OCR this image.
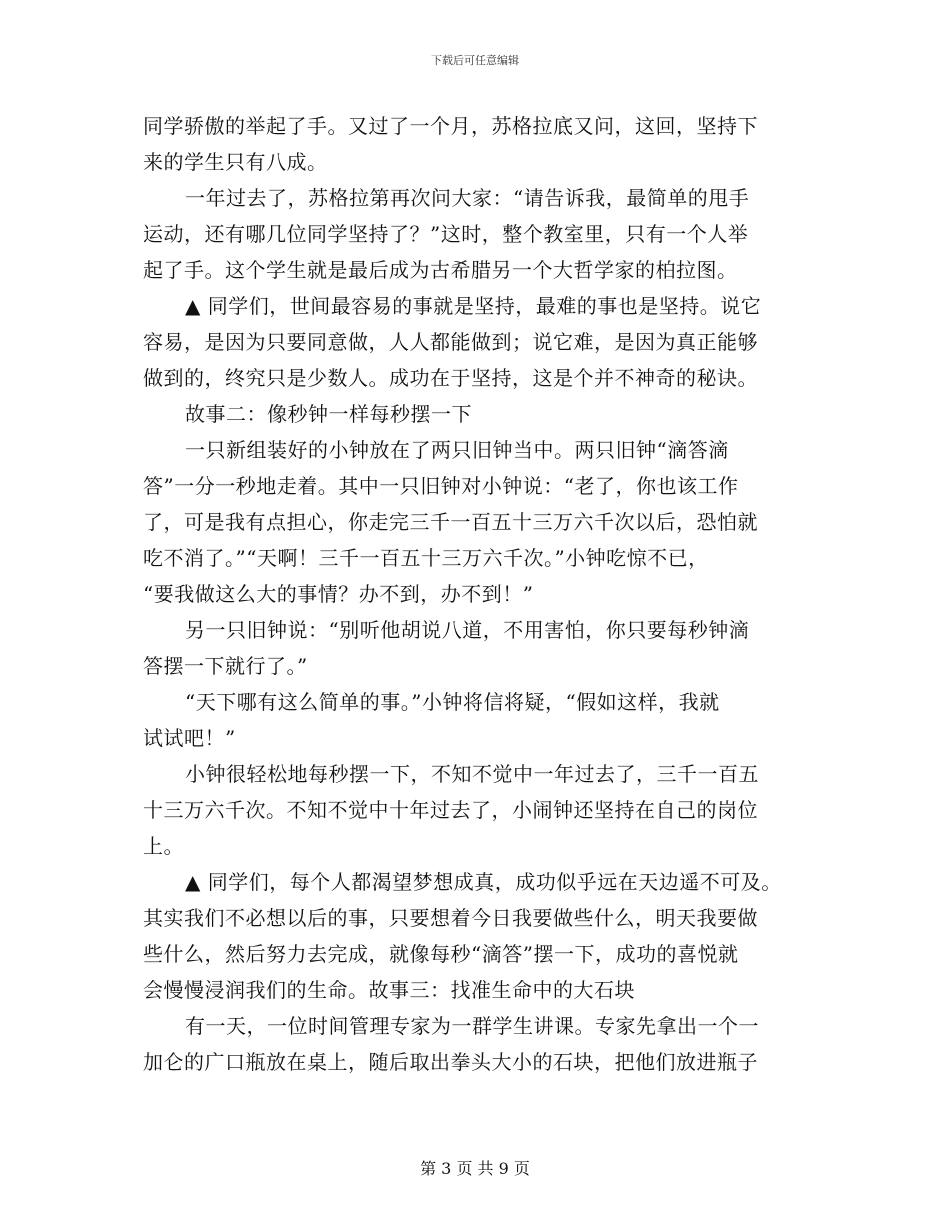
下载后可任意编辑
同学骄傲的举起了手。又过了一个月，苏格拉底又问，这回，坚持下
来的学生只有八成。
一年过去了，苏格拉第再次问大家：“请告诉我，最简单的甩手
运动，还有哪几位同学坚持了？”这时，整个教室里，只有一个人举
起了手。这个学生就是最后成为古希腊另一个大哲学家的柏拉图。
▲ 同学们，世间最容易的事就是坚持，最难的事也是坚持。说它
容易，是因为只要同意做，人人都能做到；说它难，是因为真正能够
做到的，终究只是少数人。成功在于坚持，这是个并不神奇的秘诀。
故事二：像秒钟一样每秒摆一下
一只新组装好的小钟放在了两只旧钟当中。两只旧钟“滴答滴
答”一分一秒地走着。其中一只旧钟对小钟说：“老了，你也该工作
了，可是我有点担心，你走完三千一百五十三万六千次以后，恐怕就
吃不消了。”“天啊！三千一百五十三万六千次。”小钟吃惊不已，
“要我做这么大的事情？办不到，办不到！”
另一只旧钟说：“别听他胡说八道，不用害怕，你只要每秒钟滴
答摆一下就行了。”
“天下哪有这么简单的事。”小钟将信将疑，“假如这样，我就
试试吧！”
小钟很轻松地每秒摆一下，不知不觉中一年过去了，三千一百五
十三万六千次。不知不觉中十年过去了，小闹钟还坚持在自己的岗位
上。
▲ 同学们，每个人都渴望梦想成真，成功似乎远在天边遥不可及。
其实我们不必想以后的事，只要想着今日我要做些什么，明天我要做
些什么，然后努力去完成，就像每秒“滴答”摆一下，成功的喜悦就
会慢慢浸润我们的生命。故事三：找准生命中的大石块
有一天，一位时间管理专家为一群学生讲课。专家先拿出一个一
加仑的广口瓶放在桌上，随后取出拳头大小的石块，把他们放进瓶子
第 3 页 共 9 页
